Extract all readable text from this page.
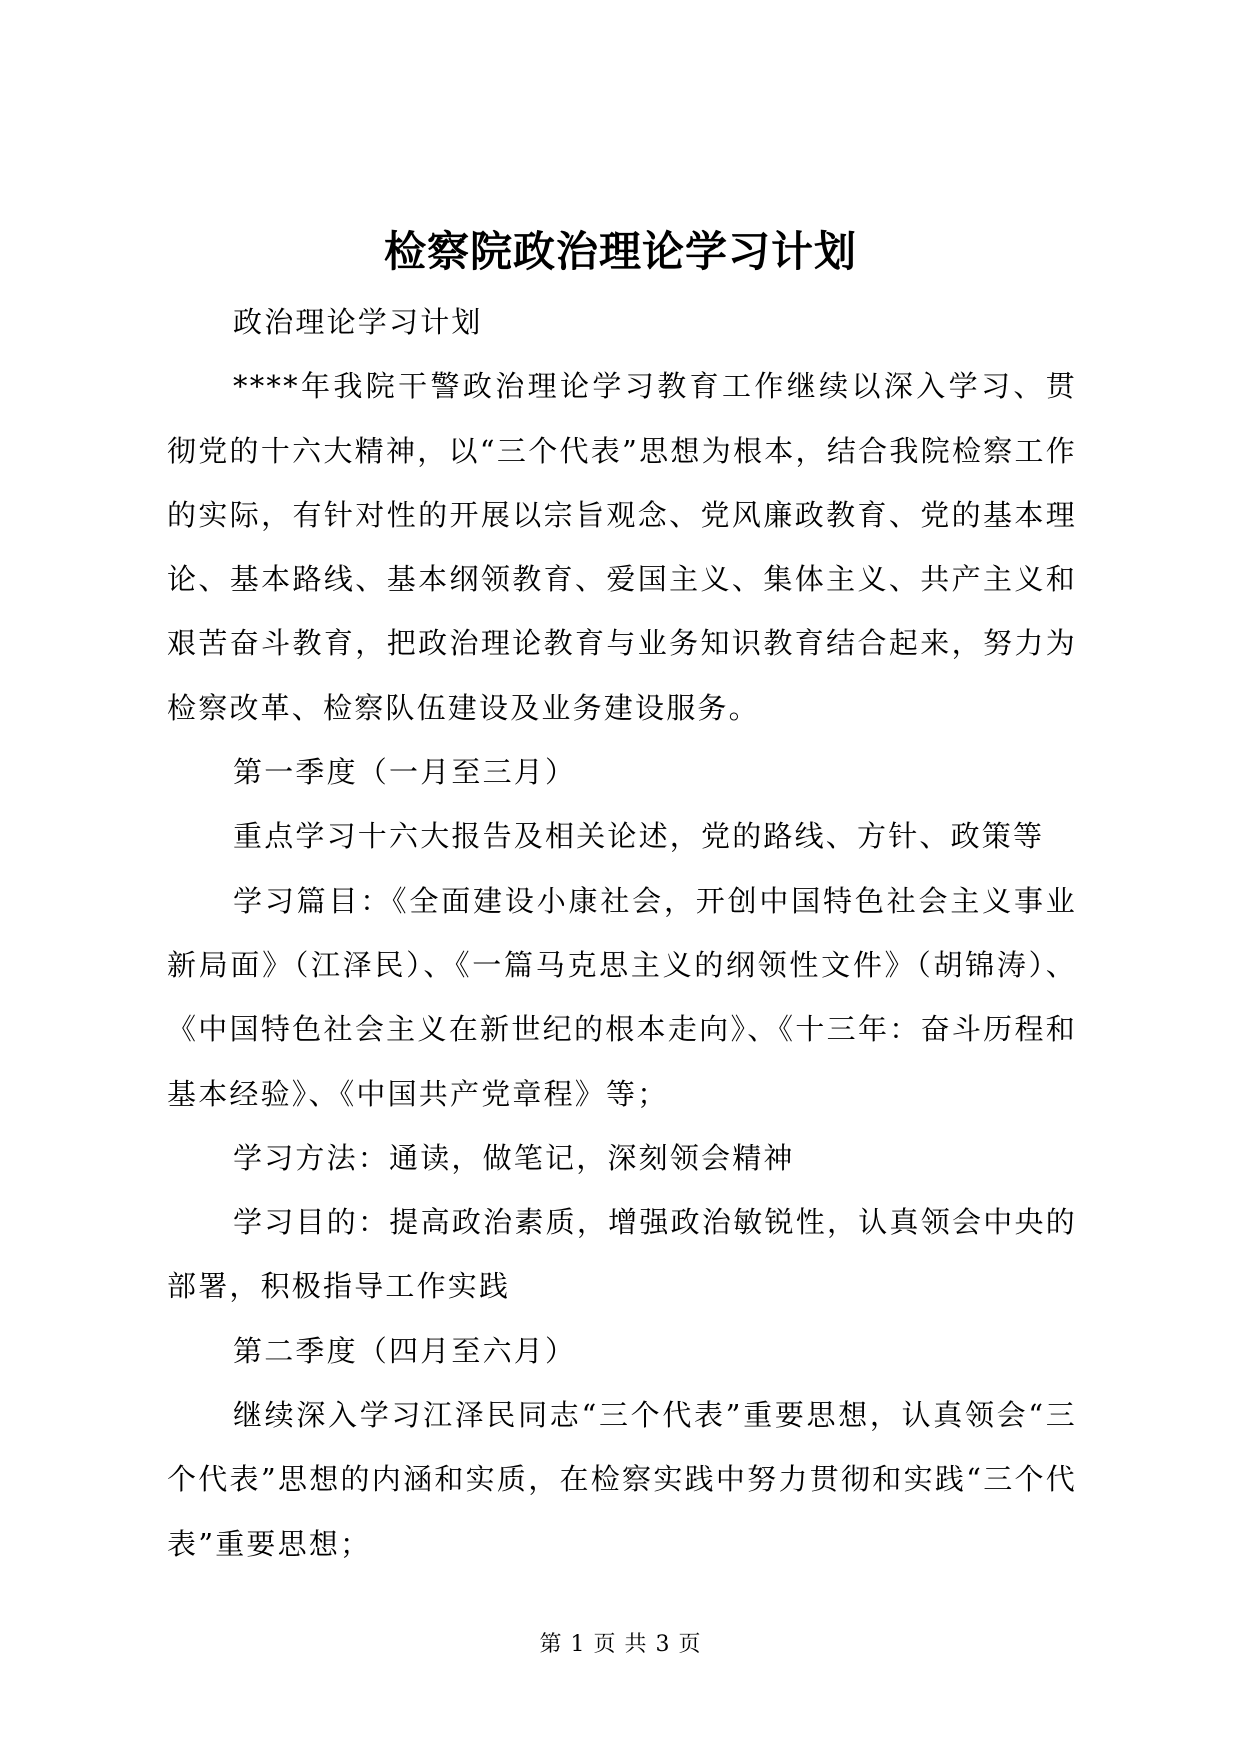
检察院政治理论学习计划

政治理论学习计划

****年我院干警政治理论学习教育工作继续以深入学习、贯彻党的十六大精神，以“三个代表”思想为根本，结合我院检察工作的实际，有针对性的开展以宗旨观念、党风廉政教育、党的基本理论、基本路线、基本纲领教育、爱国主义、集体主义、共产主义和艰苦奋斗教育，把政治理论教育与业务知识教育结合起来，努力为检察改革、检察队伍建设及业务建设服务。

第一季度（一月至三月）

重点学习十六大报告及相关论述，党的路线、方针、政策等

学习篇目：《全面建设小康社会，开创中国特色社会主义事业新局面》（江泽民）、《一篇马克思主义的纲领性文件》（胡锦涛）、《中国特色社会主义在新世纪的根本走向》、《十三年：奋斗历程和基本经验》、《中国共产党章程》等；

学习方法：通读，做笔记，深刻领会精神

学习目的：提高政治素质，增强政治敏锐性，认真领会中央的部署，积极指导工作实践

第二季度（四月至六月）

继续深入学习江泽民同志“三个代表”重要思想，认真领会“三个代表”思想的内涵和实质，在检察实践中努力贯彻和实践“三个代表”重要思想；

第 1 页 共 3 页
